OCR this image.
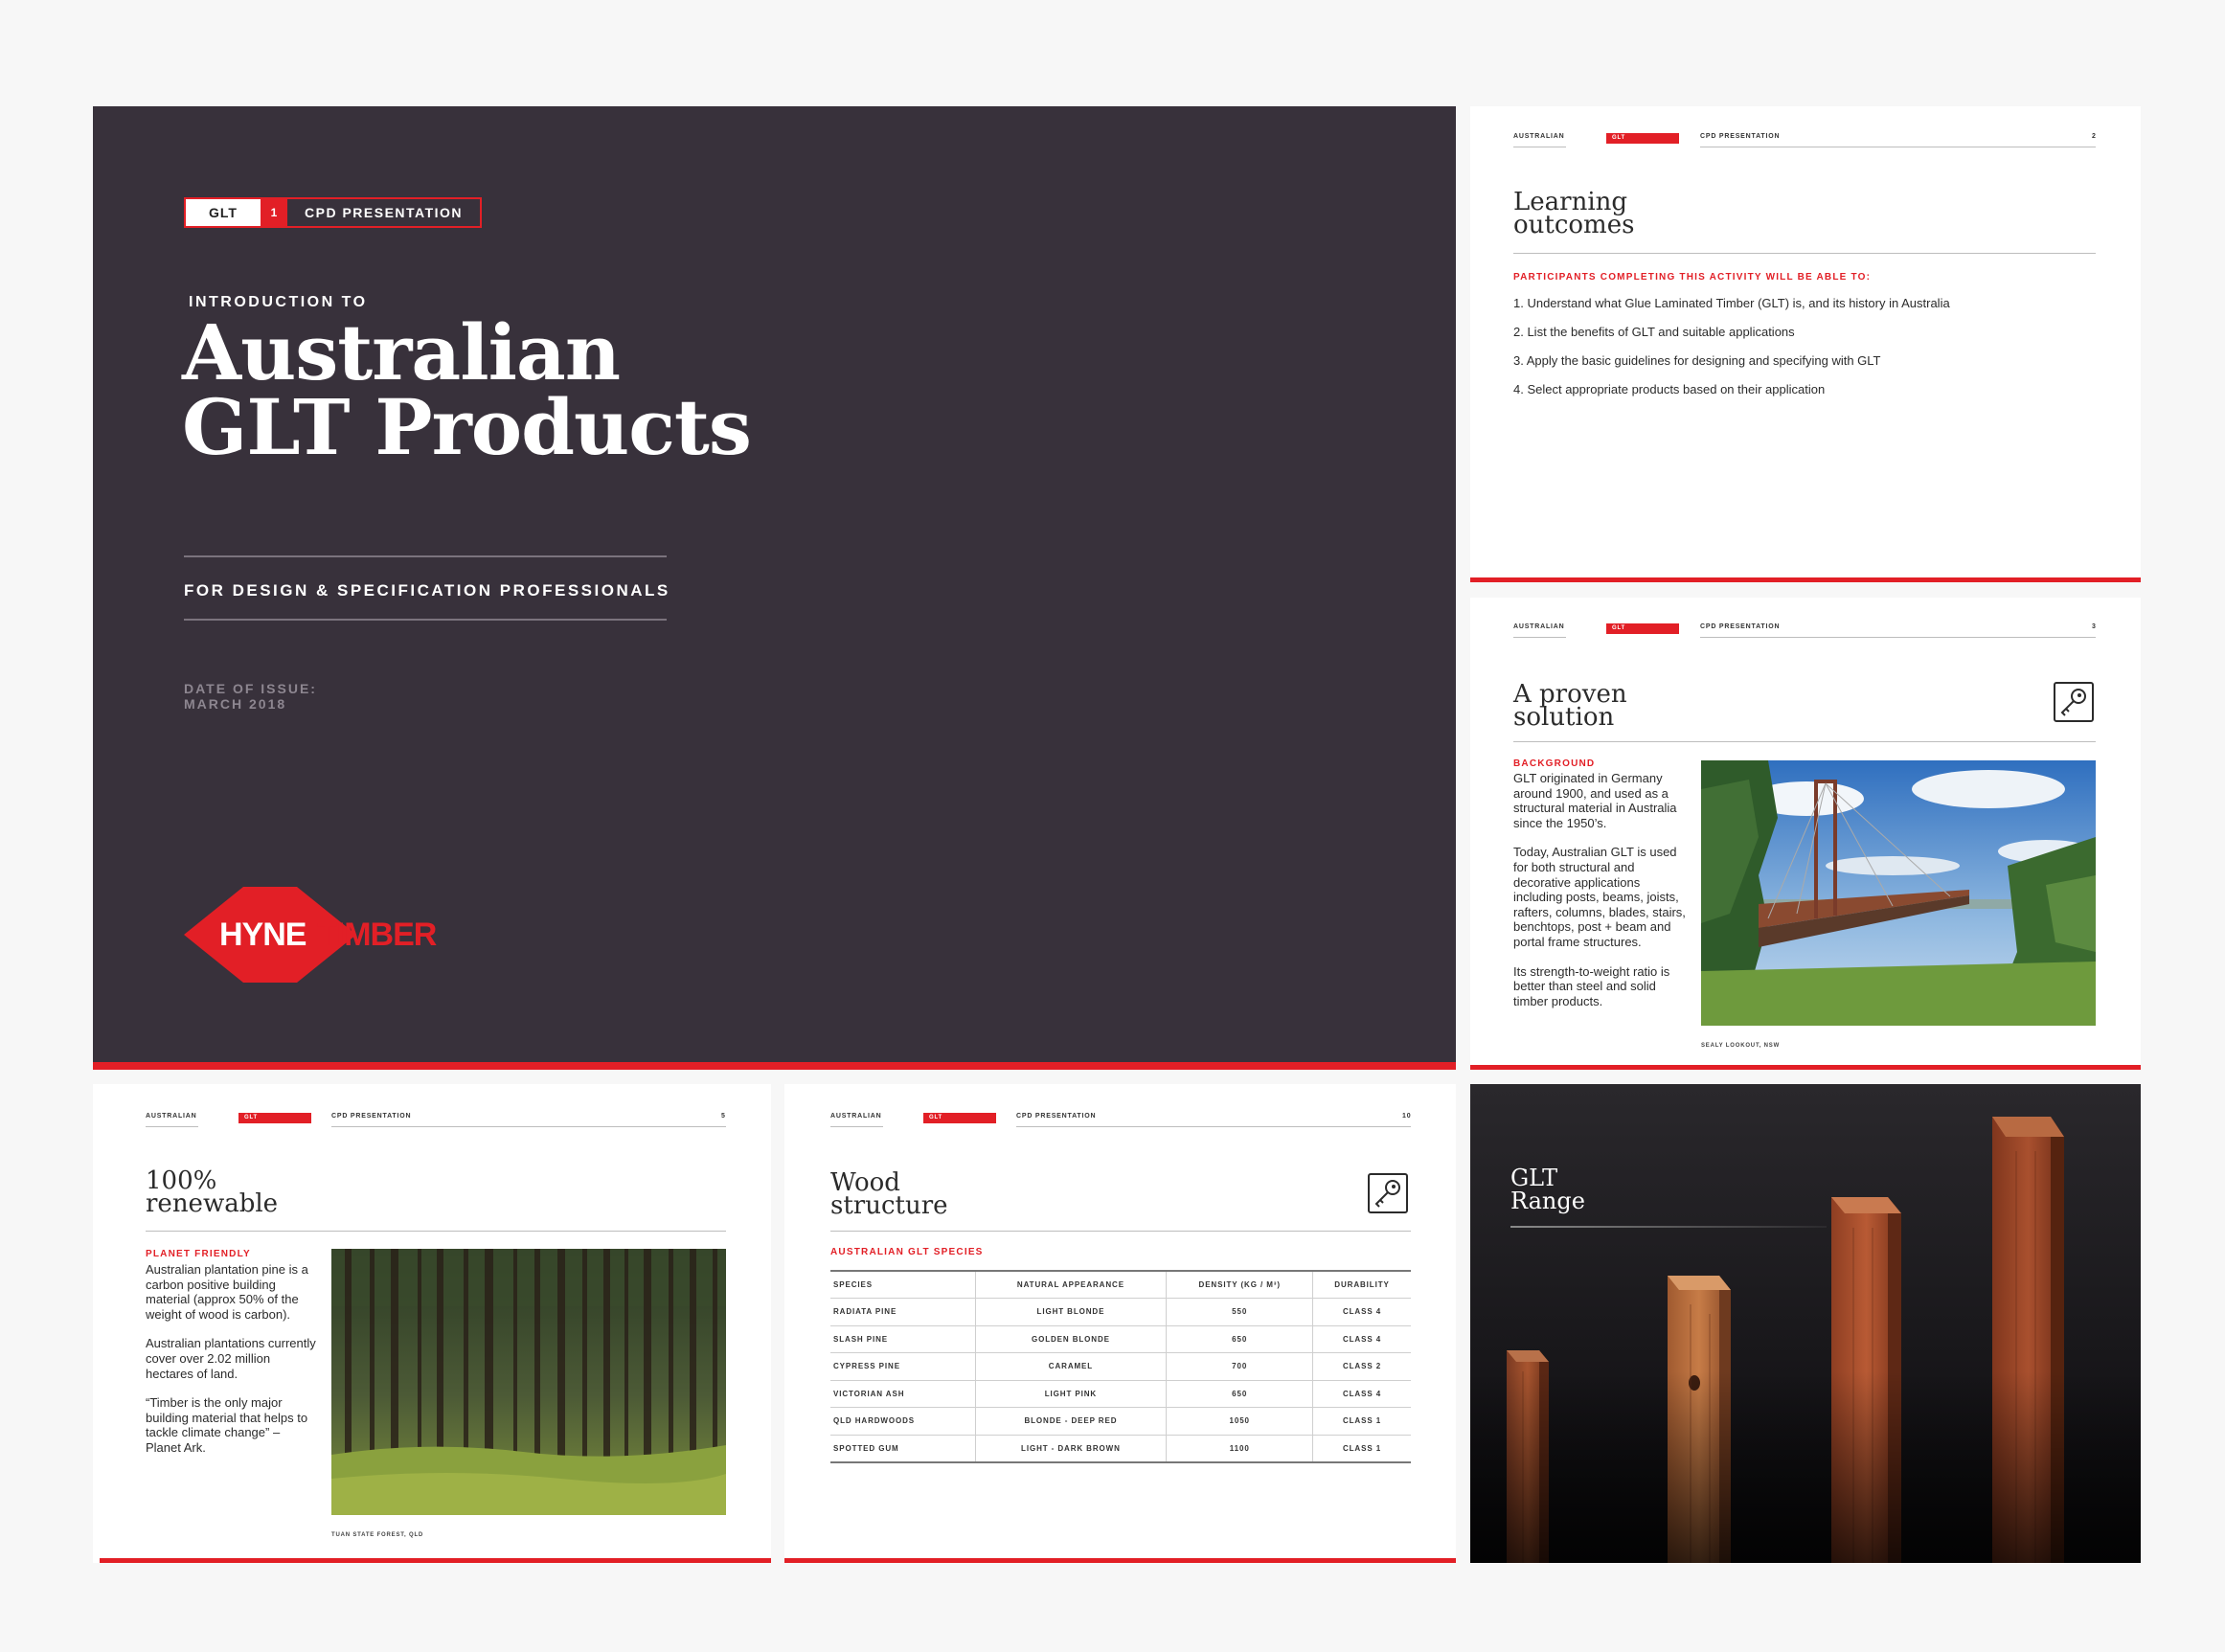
GLT	1	CPD PRESENTATION
INTRODUCTION TO
Australian
GLT Products
FOR DESIGN & SPECIFICATION PROFESSIONALS
DATE OF ISSUE:
MARCH 2018
HYNE TIMBER
AUSTRALIAN	GLT	CPD PRESENTATION	2
Learning
outcomes
PARTICIPANTS COMPLETING THIS ACTIVITY WILL BE ABLE TO:
1. Understand what Glue Laminated Timber (GLT) is, and its history in Australia
2. List the benefits of GLT and suitable applications
3. Apply the basic guidelines for designing and specifying with GLT
4. Select appropriate products based on their application
AUSTRALIAN	GLT	CPD PRESENTATION	3
A proven
solution
BACKGROUND

GLT originated in Germany around 1900, and used as a structural material in Australia since the 1950’s.

Today, Australian GLT is used for both structural and decorative applications including posts, beams, joists, rafters, columns, blades, stairs, benchtops, post + beam and portal frame structures.

Its strength-to-weight ratio is better than steel and solid timber products.

SEALY LOOKOUT, NSW
AUSTRALIAN	GLT	CPD PRESENTATION	5
100%
renewable
PLANET FRIENDLY

Australian plantation pine is a carbon positive building material (approx 50% of the weight of wood is carbon).

Australian plantations currently cover over 2.02 million hectares of land.

“Timber is the only major building material that helps to tackle climate change” – Planet Ark.

TUAN STATE FOREST, QLD
AUSTRALIAN	GLT	CPD PRESENTATION	10
Wood
structure
AUSTRALIAN GLT SPECIES
SPECIES	NATURAL APPEARANCE	DENSITY (KG / M³)	DURABILITY
RADIATA PINE	LIGHT BLONDE	550	CLASS 4
SLASH PINE	GOLDEN BLONDE	650	CLASS 4
CYPRESS PINE	CARAMEL	700	CLASS 2
VICTORIAN ASH	LIGHT PINK	650	CLASS 4
QLD HARDWOODS	BLONDE - DEEP RED	1050	CLASS 1
SPOTTED GUM	LIGHT - DARK BROWN	1100	CLASS 1
GLT
Range
